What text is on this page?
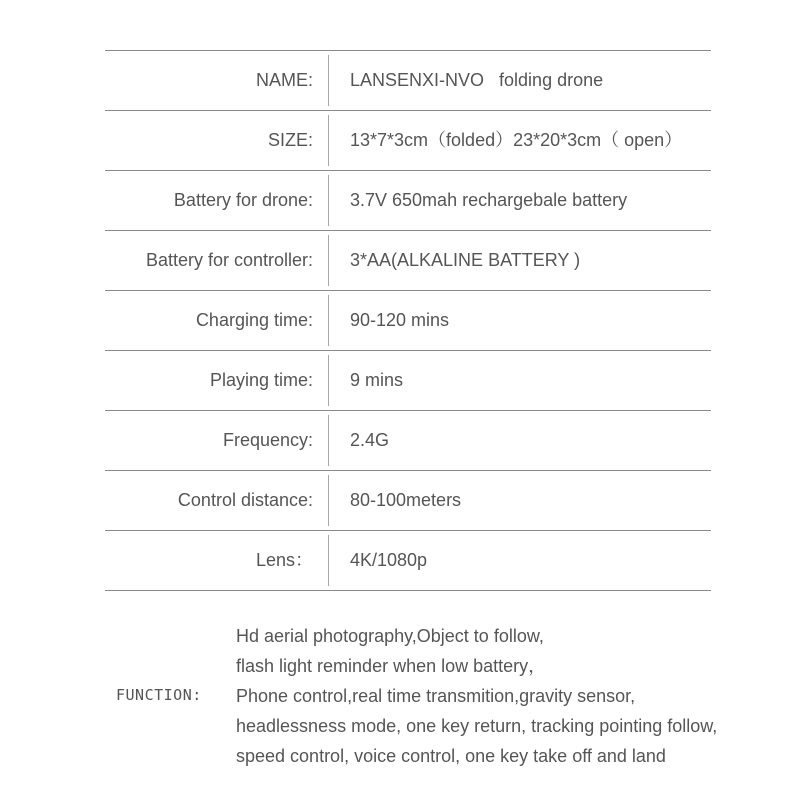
NAME: LANSENXI-NVO   folding drone
SIZE: 13*7*3cm（folded）23*20*3cm（ open）
Battery for drone: 3.7V 650mah rechargebale battery
Battery for controller: 3*AA(ALKALINE BATTERY )
Charging time: 90-120 mins
Playing time: 9 mins
Frequency: 2.4G
Control distance: 80-100meters
Lens： 4K/1080p
FUNCTION:
Hd aerial photography,Object to follow,
flash light reminder when low battery，
Phone control,real time transmition,gravity sensor,
headlessness mode, one key return, tracking pointing follow,
speed control, voice control, one key take off and land
